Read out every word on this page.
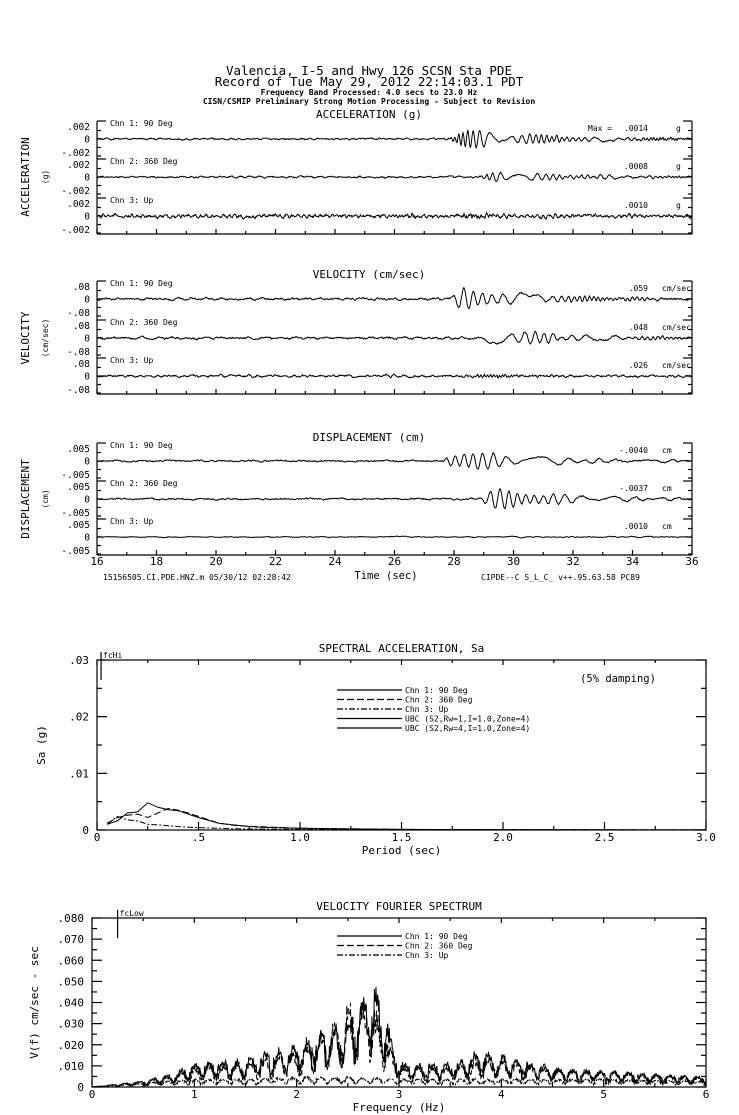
Valencia, I-5 and Hwy 126 SCSN Sta PDE
Record of Tue May 29, 2012 22:14:03.1 PDT
Frequency Band Processed: 4.0 secs to 23.0 Hz
CISN/CSMIP Preliminary Strong Motion Processing - Subject to Revision
ACCELERATION (g)
ACCELERATION (g)
.002
0
-.002
Chn 1: 90 Deg
Max = .0014	g
.002
0
-.002
Chn 2: 360 Deg
.0008	g
.002
0
-.002
Chn 3: Up
.0010	g
VELOCITY (cm/sec)
VELOCITY (cm/sec)
.08
0
-.08
Chn 1: 90 Deg
.059 cm/sec
.08
0
-.08
Chn 2: 360 Deg
.048 cm/sec
.08
0
-.08
Chn 3: Up
.026 cm/sec
DISPLACEMENT (cm)
DISPLACEMENT (cm)
.005
0
-.005
Chn 1: 90 Deg
-.0040 cm
.005
0
-.005
Chn 2: 360 Deg
-.0037 cm
.005
0
-.005
Chn 3: Up
.0010 cm
16	18	20	22	24	26	28	30	32	34	36
Time (sec)
SPECTRAL ACCELERATION, Sa
0	.5	1.0	1.5	2.0	2.5	3.0
0
.01
.02
.03
Period (sec)
Sa (g)
fcHi
Chn 1: 90 Deg
Chn 2: 360 Deg
Chn 3: Up
UBC (S2,Rw=1,I=1.0,Zone=4)
UBC (S2,Rw=4,I=1.0,Zone=4)
(5% damping)
VELOCITY FOURIER SPECTRUM
0	1	2	3	4	5	6
0
.010
.020
.030
.040
.050
.060
.070
.080
Frequency (Hz)
V(f) cm/sec - sec
fcLow
Chn 1: 90 Deg
Chn 2: 360 Deg
Chn 3: Up
15156505.CI.PDE.HNZ.m 05/30/12 02:28:42	CIPDE--C S_L_C_ v++.95.63.58 PC89
